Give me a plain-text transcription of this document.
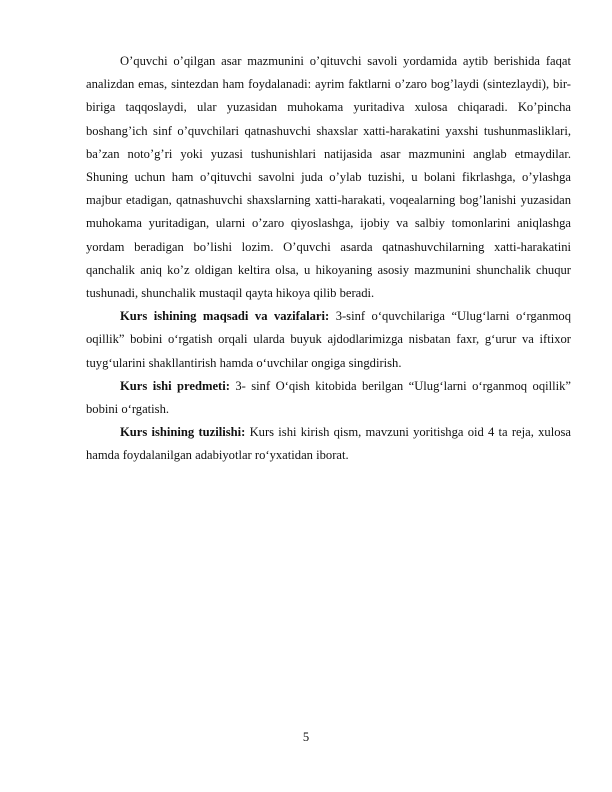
O’quvchi o’qilgan asar mazmunini o’qituvchi savoli yordamida aytib berishida faqat analizdan emas, sintezdan ham foydalanadi: ayrim faktlarni o’zaro bog’laydi (sintezlaydi), bir-biriga taqqoslaydi, ular yuzasidan muhokama yuritadiva xulosa chiqaradi. Ko’pincha boshang’ich sinf o’quvchilari qatnashuvchi shaxslar xatti-harakatini yaxshi tushunmasliklari, ba’zan noto’g’ri yoki yuzasi tushunishlari natijasida asar mazmunini anglab etmaydilar. Shuning uchun ham o’qituvchi savolni juda o’ylab tuzishi, u bolani fikrlashga, o’ylashga majbur etadigan, qatnashuvchi shaxslarning xatti-harakati, voqealarning bog’lanishi yuzasidan muhokama yuritadigan, ularni o’zaro qiyoslashga, ijobiy va salbiy tomonlarini aniqlashga yordam beradigan bo’lishi lozim. O’quvchi asarda qatnashuvchilarning xatti-harakatini qanchalik aniq ko’z oldigan keltira olsa, u hikoyaning asosiy mazmunini shunchalik chuqur tushunadi, shunchalik mustaqil qayta hikoya qilib beradi.

Kurs ishining maqsadi va vazifalari: 3-sinf o‘quvchilariga “Ulug‘larni o‘rganmoq oqillik” bobini o‘rgatish orqali ularda buyuk ajdodlarimizga nisbatan faxr, g‘urur va iftixor tuyg‘ularini shakllantirish hamda o‘uvchilar ongiga singdirish.

Kurs ishi predmeti: 3- sinf O‘qish kitobida berilgan “Ulug‘larni o‘rganmoq oqillik” bobini o‘rgatish.

Kurs ishining tuzilishi: Kurs ishi kirish qism, mavzuni yoritishga oid 4 ta reja, xulosa hamda foydalanilgan adabiyotlar ro‘yxatidan iborat.

5
